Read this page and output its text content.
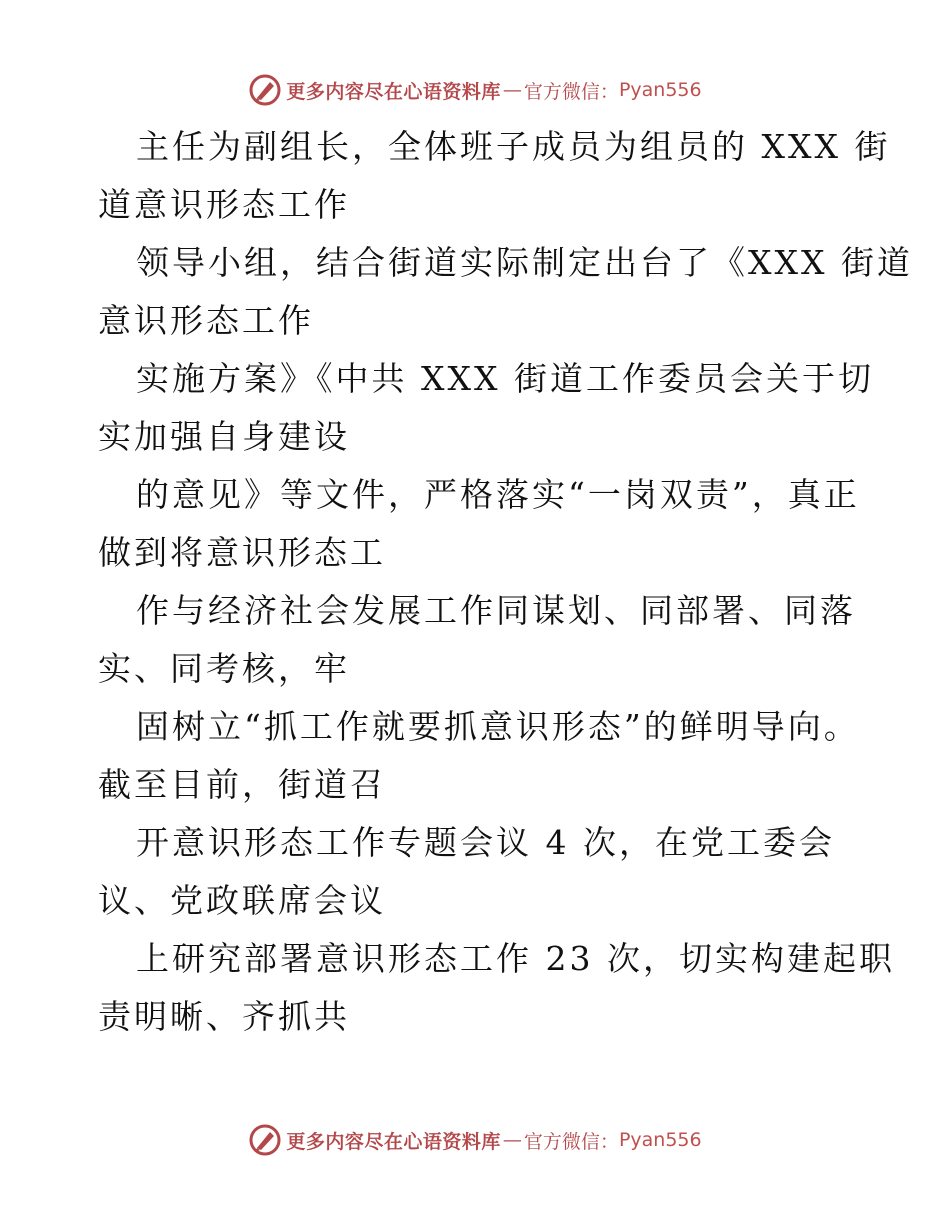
更多内容尽在心语资料库 — 官方微信： Pyan556

主任为副组长，全体班子成员为组员的 XXX 街
道意识形态工作

领导小组，结合街道实际制定出台了《XXX 街道
意识形态工作

实施方案》《中共 XXX 街道工作委员会关于切
实加强自身建设

的意见》等文件，严格落实“一岗双责”，真正
做到将意识形态工

作与经济社会发展工作同谋划、同部署、同落
实、同考核，牢

固树立“抓工作就要抓意识形态”的鲜明导向。
截至目前，街道召

开意识形态工作专题会议 4 次，在党工委会
议、党政联席会议

上研究部署意识形态工作 23 次，切实构建起职
责明晰、齐抓共

更多内容尽在心语资料库 — 官方微信： Pyan556
